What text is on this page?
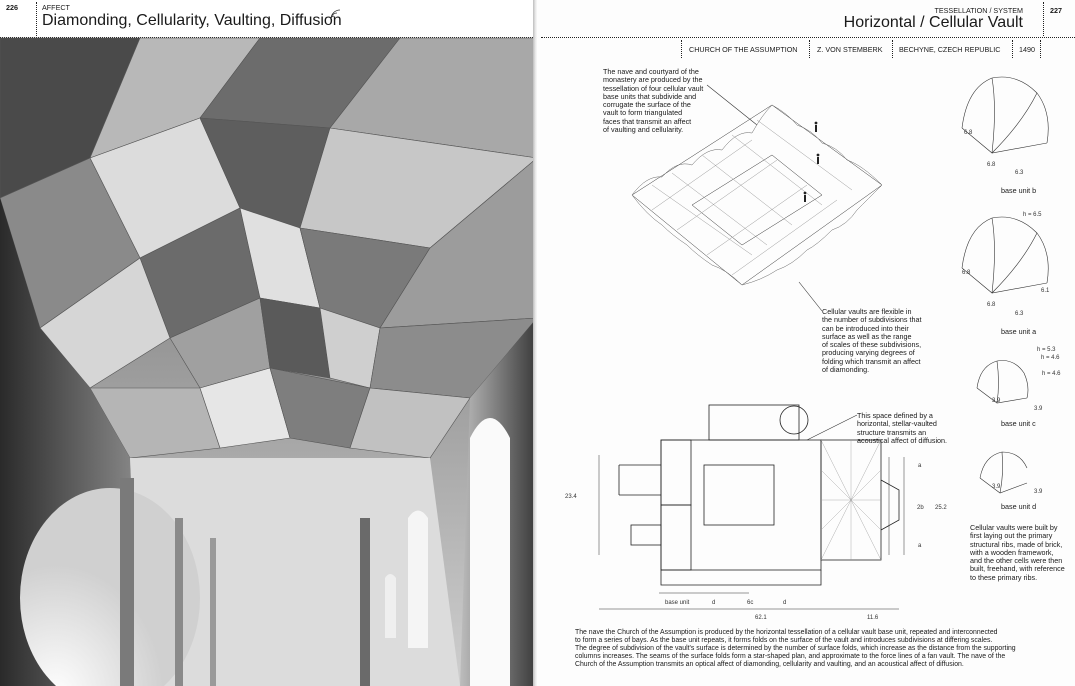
226	AFFECT
Diamonding, Cellularity, Vaulting, Diffusion
TESSELLATION / SYSTEM
Horizontal / Cellular Vault
227
CHURCH OF THE ASSUMPTION	Z. VON STEMBERK BECHYNE, CZECH REPUBLIC	1490
The nave and courtyard of the
monastery are produced by the
tessellation of four cellular vault
base units that subdivide and
corrugate the surface of the
vault to form triangulated
faces that transmit an affect
of vaulting and cellularity.
Cellular vaults are flexible in
the number of subdivisions that
can be introduced into their
surface as well as the range
of scales of these subdivisions,
producing varying degrees of
folding which transmit an affect
of diamonding.
This space defined by a
horizontal, stellar-vaulted
structure transmits an
acoustical affect of diffusion.
Cellular vaults were built by
first laying out the primary
structural ribs, made of brick,
with a wooden framework,
and the other cells were then
built, freehand, with reference
to these primary ribs.
The nave the Church of the Assumption is produced by the horizontal tessellation of a cellular vault base unit, repeated and interconnected
to form a series of bays. As the base unit repeats, it forms folds on the surface of the vault and introduces subdivisions at differing scales.
The degree of subdivision of the vault's surface is determined by the number of surface folds, which increase as the distance from the supporting
columns increases. The seams of the surface folds form a star-shaped plan, and approximate to the force lines of a fan vault. The nave of the
Church of the Assumption transmits an optical affect of diamonding, cellularity and vaulting, and an acoustical affect of diffusion.
6.8
6.8
6.3
base unit b
h = 6.5
6.8
6.8
6.1
6.3
base unit a
h = 5.3
h = 4.6
h = 4.6
3.9
3.9
base unit c
3.9
3.9
base unit d
23.4
a
2b 25.2
a
base unit	d	6c	d
62.1	11.6
